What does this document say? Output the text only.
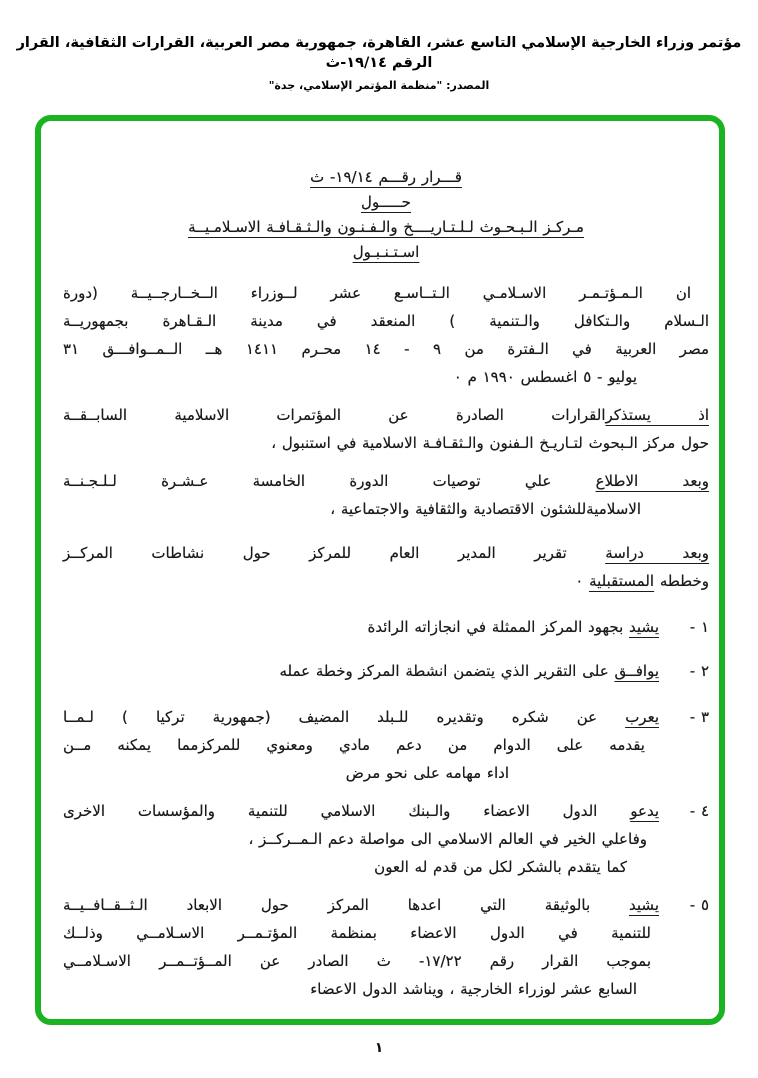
مؤتمر وزراء الخارجية الإسلامي التاسع عشر، القاهرة، جمهورية مصر العربية، القرارات الثقافية، القرار الرقم ١٩/١٤-ث
المصدر: "منظمة المؤتمر الإسلامي، جدة"
قـــرار رقـــم ١٩/١٤- ث
حـــــول
مـركـز الـبـحـوث لـلـتـاريــــخ والـفـنـون والـثـقـافـة الاسـلامـيــة
اسـتـنـبـول
ان الـمـؤتـمـر الاسـلامـي الـتــاسـع عشر لــوزراء الــخــارجــيــة (دورة
الـسلام والـتكافل والـتنمية ) المنعقد في مدينة الـقـاهرة بجمهوريــة
مصر العربية في الـفترة من ٩ - ١٤ محـرم ١٤١١ هــ الــمــوافـــق ٣١
يوليو - ٥ اغسطس ١٩٩٠ م ٠
اذ يستذكرالقرارات الصادرة عن المؤتمرات الاسلامية السابــقــة
حول مركز الـبحوث لتـاريـخ الـفنون والـثقـافـة الاسلامية في استنبول ،
وبعد الاطلاع علي توصيات الدورة الخامسة عـشـرة لـلـجـنــة
الاسلاميةللشئون الاقتصادية والثقافية والاجتماعية ،
وبعد دراسة تقرير المدير العام للمركز حول نشاطات المركــز
وخططه المستقبلية ٠
١ -
يشيد بجهود المركز الممثلة في انجازاته الرائدة
٢ -
يوافــق على التقرير الذي يتضمن انشطة المركز وخطة عمله
٣ -
يعرب عن شكره وتقديره للـبلد المضيف (جمهورية تركيا ) لـمــا
يقدمه على الدوام من دعم مادي ومعنوي للمركزمما يمكنه مــن
اداء مهامه على نحو مرض
٤ -
يدعو الدول الاعضاء والـبنك الاسلامي للتنمية والمؤسسات الاخرى
وفاعلي الخير في العالم الاسلامي الى مواصلة دعم الـمــركــز ،
كما يتقدم بالشكر لكل من قدم له العون
٥ -
يشيد بالوثيقة التي اعدها المركز حول الابعاد الـثــقــافــيــة
للتنمية في الدول الاعضاء بمنظمة المؤتـمــر الاسـلامــي وذلــك
بموجب القرار رقم ١٧/٢٢- ث الصادر عن المــؤتــمــر الاسـلامــي
السابع عشر لوزراء الخارجية ، ويناشد الدول الاعضاء
١
